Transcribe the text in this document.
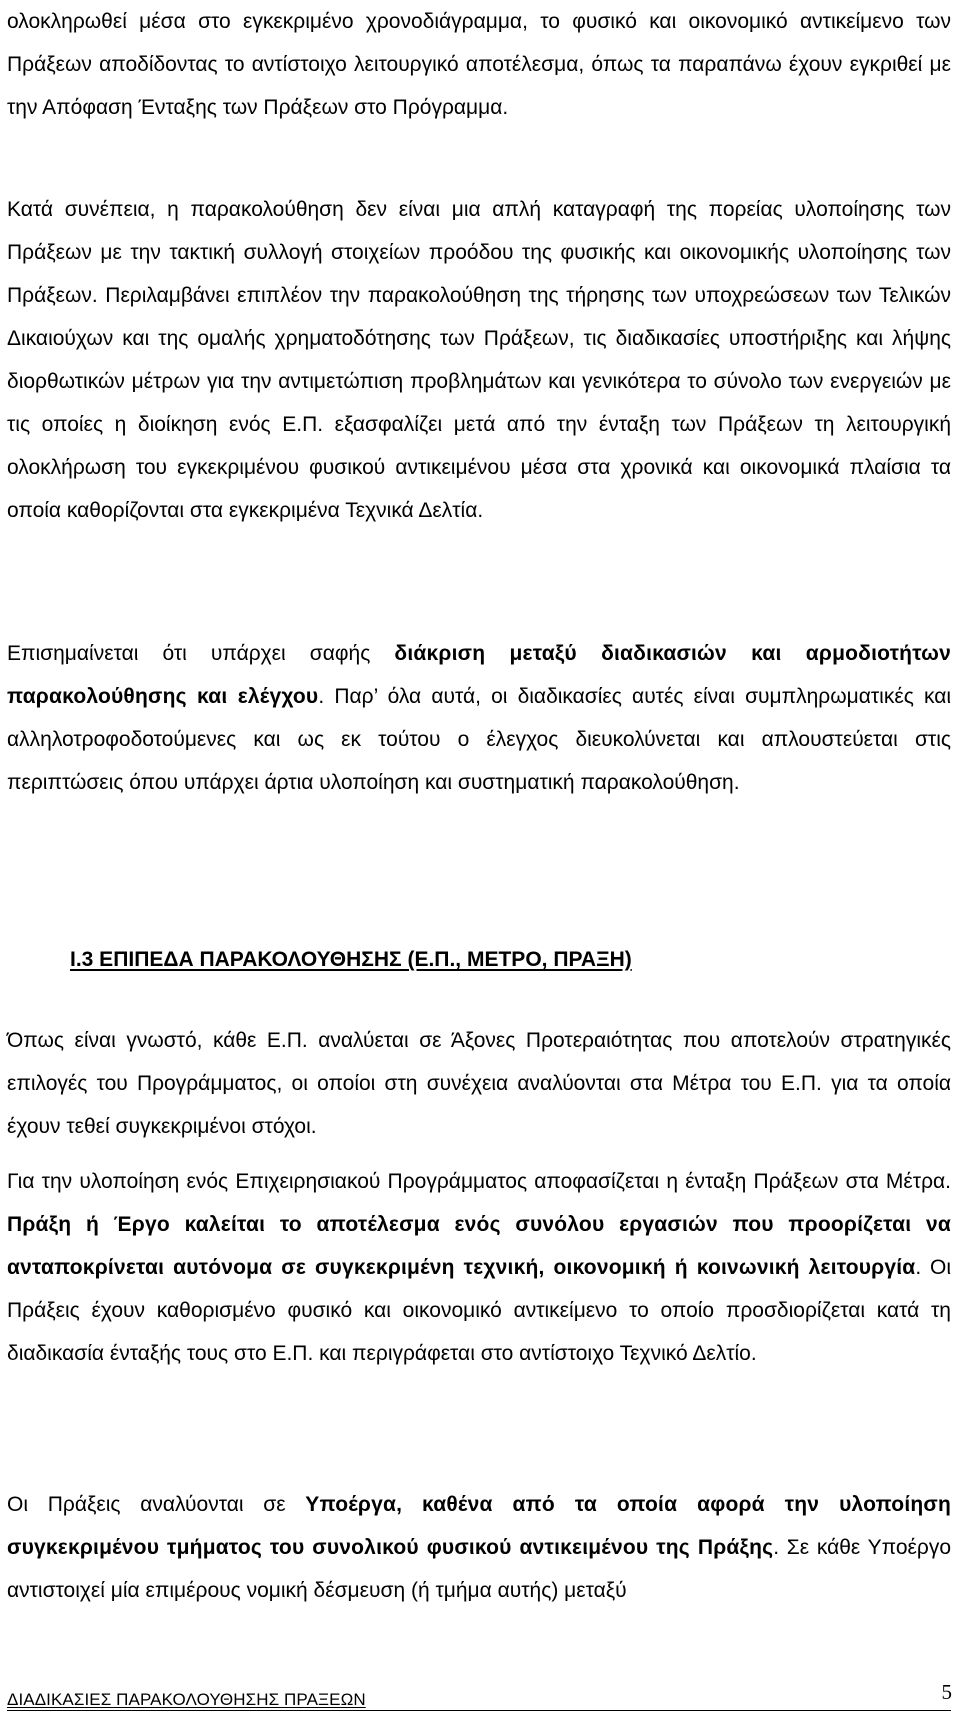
ολοκληρωθεί μέσα στο εγκεκριμένο χρονοδιάγραμμα, το φυσικό και οικονομικό αντικείμενο των Πράξεων αποδίδοντας το αντίστοιχο λειτουργικό αποτέλεσμα, όπως τα παραπάνω έχουν εγκριθεί με την Απόφαση Ένταξης των Πράξεων στο Πρόγραμμα.

Κατά συνέπεια, η παρακολούθηση δεν είναι μια απλή καταγραφή της πορείας υλοποίησης των Πράξεων με την τακτική συλλογή στοιχείων προόδου της φυσικής και οικονομικής υλοποίησης των Πράξεων. Περιλαμβάνει επιπλέον την παρακολούθηση της τήρησης των υποχρεώσεων των Τελικών Δικαιούχων και της ομαλής χρηματοδότησης των Πράξεων, τις διαδικασίες υποστήριξης και λήψης διορθωτικών μέτρων για την αντιμετώπιση προβλημάτων και γενικότερα το σύνολο των ενεργειών με τις οποίες η διοίκηση ενός Ε.Π. εξασφαλίζει μετά από την ένταξη των Πράξεων τη λειτουργική ολοκλήρωση του εγκεκριμένου φυσικού αντικειμένου μέσα στα χρονικά και οικονομικά πλαίσια τα οποία καθορίζονται στα εγκεκριμένα Τεχνικά Δελτία.

Επισημαίνεται ότι υπάρχει σαφής διάκριση μεταξύ διαδικασιών και αρμοδιοτήτων παρακολούθησης και ελέγχου. Παρ’ όλα αυτά, οι διαδικασίες αυτές είναι συμπληρωματικές και αλληλοτροφοδοτούμενες και ως εκ τούτου ο έλεγχος διευκολύνεται και απλουστεύεται στις περιπτώσεις όπου υπάρχει άρτια υλοποίηση και συστηματική παρακολούθηση.

Ι.3 ΕΠΙΠΕΔΑ ΠΑΡΑΚΟΛΟΥΘΗΣΗΣ (Ε.Π., ΜΕΤΡΟ, ΠΡΑΞΗ)

Όπως είναι γνωστό, κάθε Ε.Π. αναλύεται σε Άξονες Προτεραιότητας που αποτελούν στρατηγικές επιλογές του Προγράμματος, οι οποίοι στη συνέχεια αναλύονται στα Μέτρα του Ε.Π. για τα οποία έχουν τεθεί συγκεκριμένοι στόχοι.

Για την υλοποίηση ενός Επιχειρησιακού Προγράμματος αποφασίζεται η ένταξη Πράξεων στα Μέτρα. Πράξη ή Έργο καλείται το αποτέλεσμα ενός συνόλου εργασιών που προορίζεται να ανταποκρίνεται αυτόνομα σε συγκεκριμένη τεχνική, οικονομική ή κοινωνική λειτουργία. Οι Πράξεις έχουν καθορισμένο φυσικό και οικονομικό αντικείμενο το οποίο προσδιορίζεται κατά τη διαδικασία ένταξής τους στο Ε.Π. και περιγράφεται στο αντίστοιχο Τεχνικό Δελτίο.

Οι Πράξεις αναλύονται σε Υποέργα, καθένα από τα οποία αφορά την υλοποίηση συγκεκριμένου τμήματος του συνολικού φυσικού αντικειμένου της Πράξης. Σε κάθε Υποέργο αντιστοιχεί μία επιμέρους νομική δέσμευση (ή τμήμα αυτής) μεταξύ

ΔΙΑΔΙΚΑΣΙΕΣ ΠΑΡΑΚΟΛΟΥΘΗΣΗΣ ΠΡΑΞΕΩΝ	5
